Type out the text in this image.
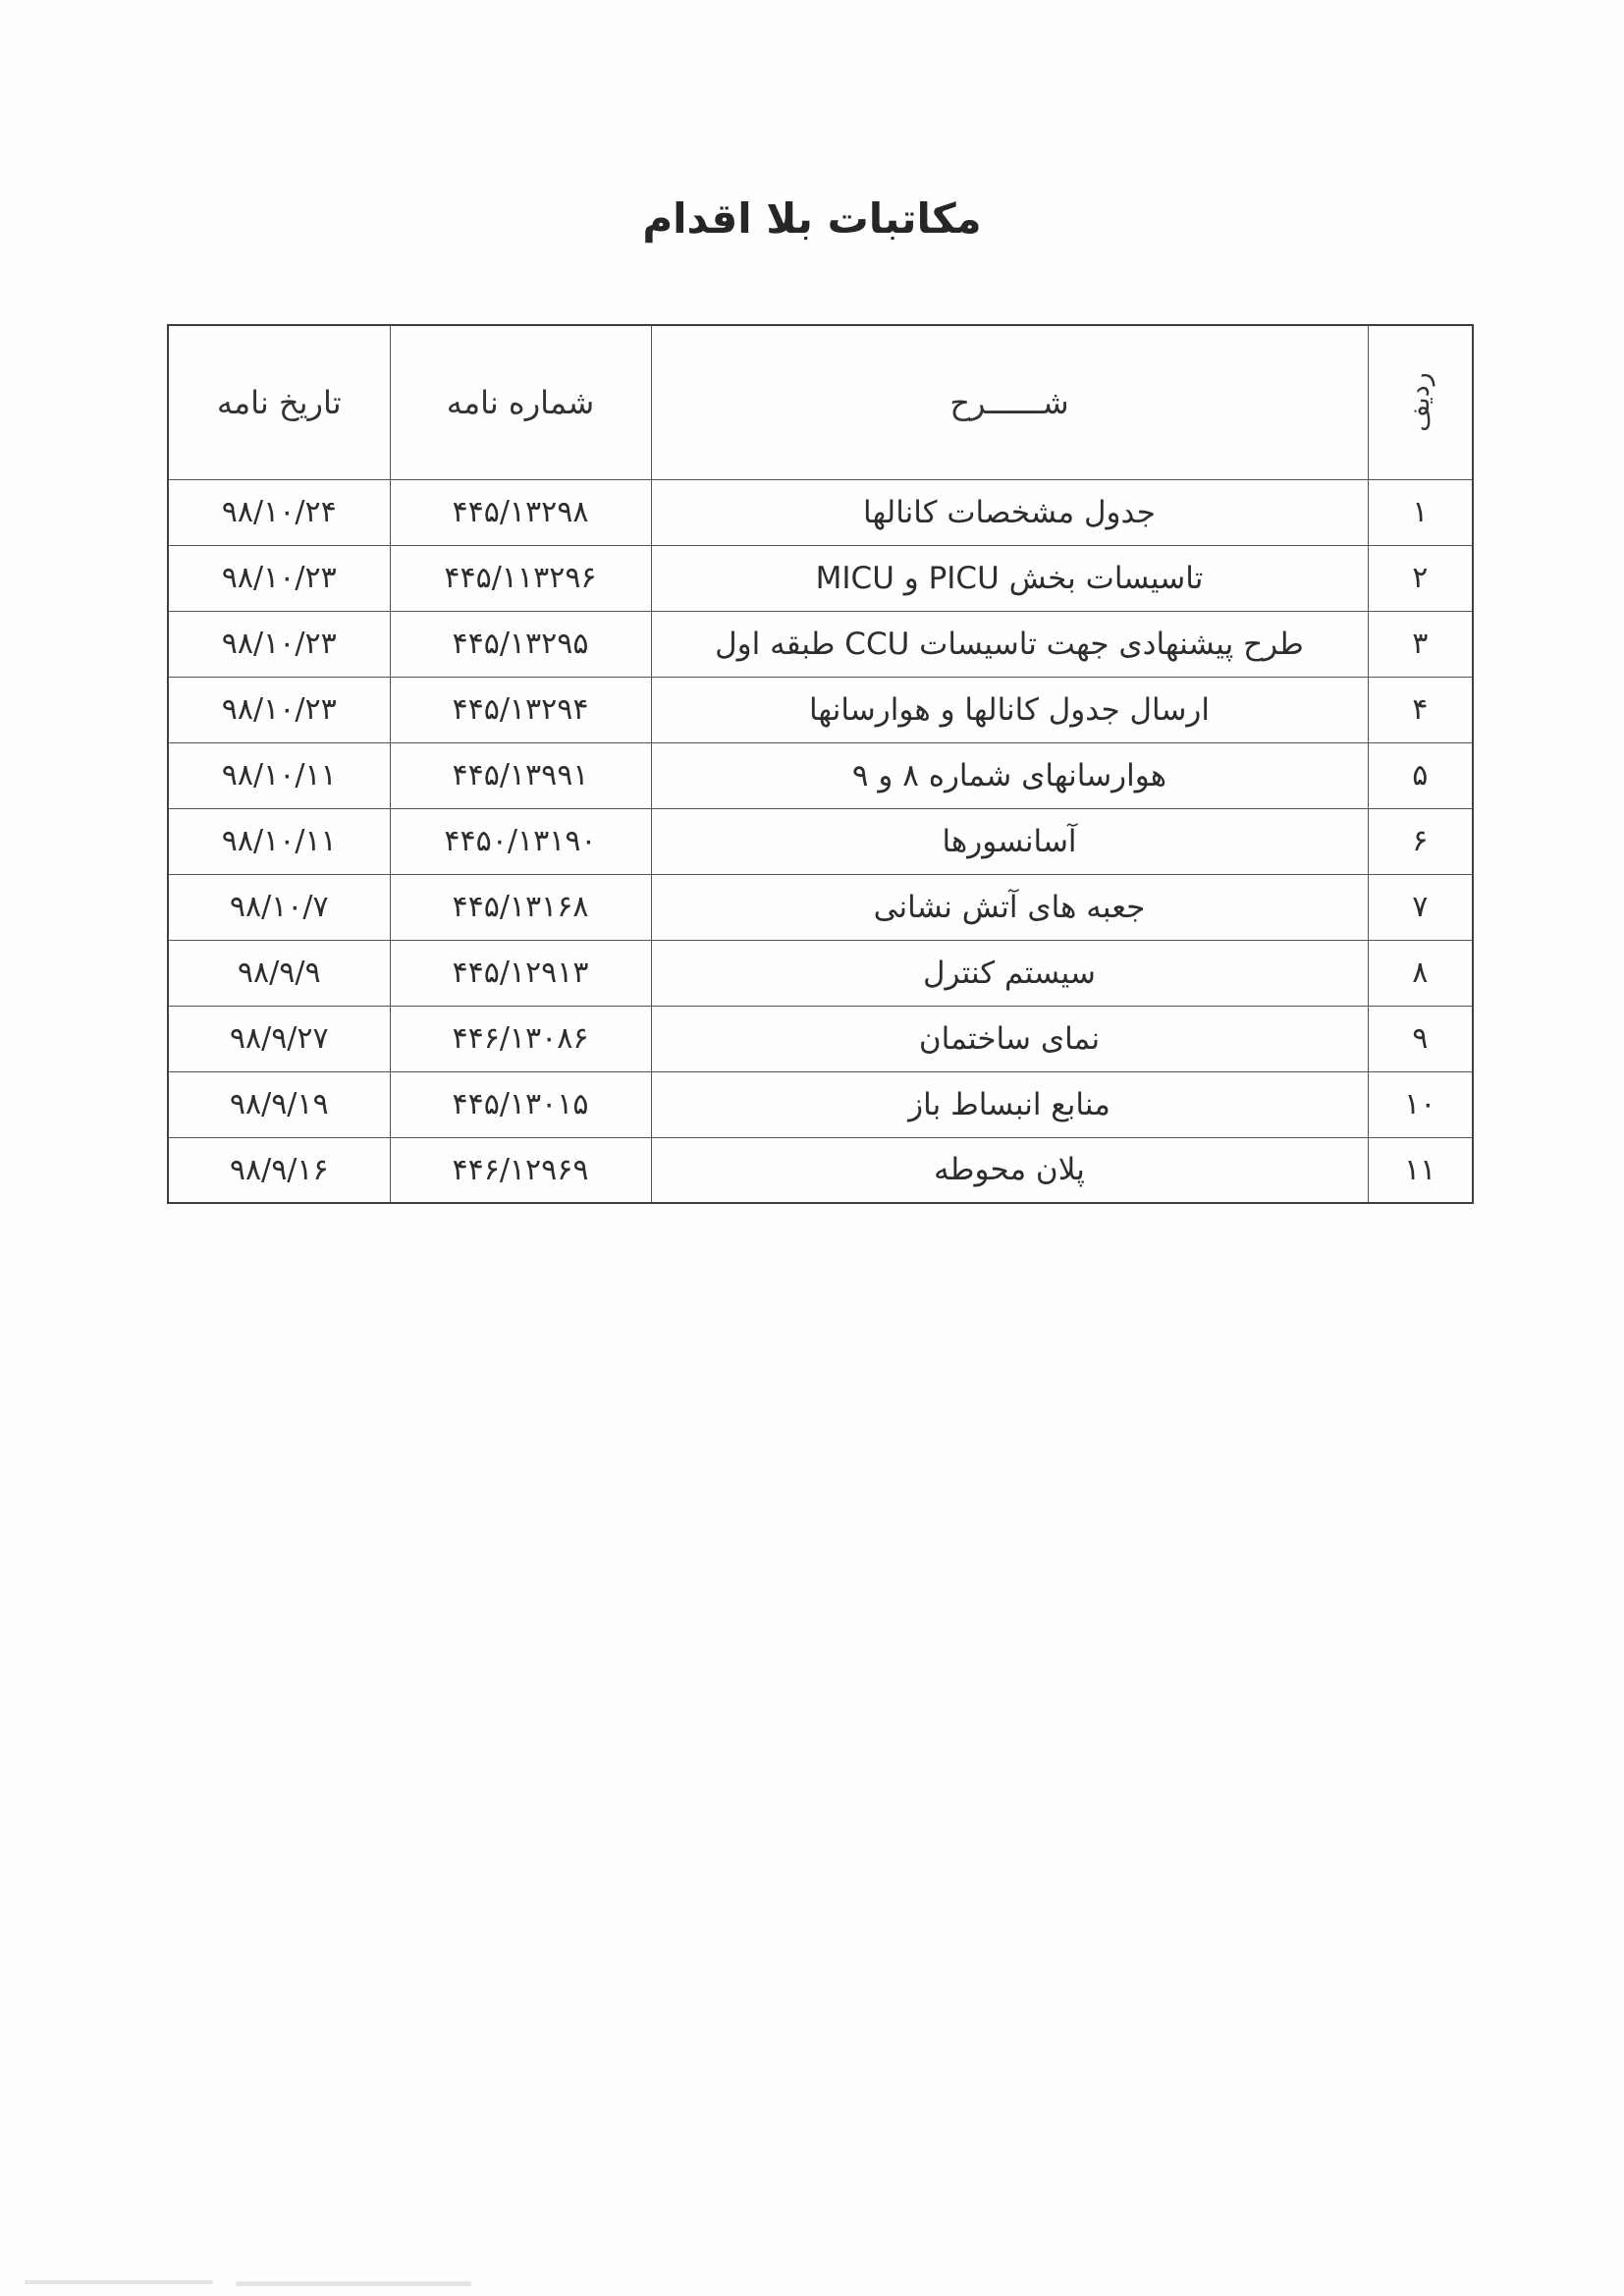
مکاتبات بلا اقدام
ردیف	شــــــرح	شماره نامه	تاریخ نامه
۱	جدول مشخصات کانالها	۴۴۵/۱۳۲۹۸	۹۸/۱۰/۲۴
۲	تاسیسات بخش PICU و MICU	۴۴۵/۱۱۳۲۹۶	۹۸/۱۰/۲۳
۳	طرح پیشنهادی جهت تاسیسات CCU طبقه اول	۴۴۵/۱۳۲۹۵	۹۸/۱۰/۲۳
۴	ارسال جدول کانالها و هوارسانها	۴۴۵/۱۳۲۹۴	۹۸/۱۰/۲۳
۵	هوارسانهای شماره ۸ و ۹	۴۴۵/۱۳۹۹۱	۹۸/۱۰/۱۱
۶	آسانسورها	۴۴۵۰/۱۳۱۹۰	۹۸/۱۰/۱۱
۷	جعبه های آتش نشانی	۴۴۵/۱۳۱۶۸	۹۸/۱۰/۷
۸	سیستم کنترل	۴۴۵/۱۲۹۱۳	۹۸/۹/۹
۹	نمای ساختمان	۴۴۶/۱۳۰۸۶	۹۸/۹/۲۷
۱۰	منابع انبساط باز	۴۴۵/۱۳۰۱۵	۹۸/۹/۱۹
۱۱	پلان محوطه	۴۴۶/۱۲۹۶۹	۹۸/۹/۱۶
